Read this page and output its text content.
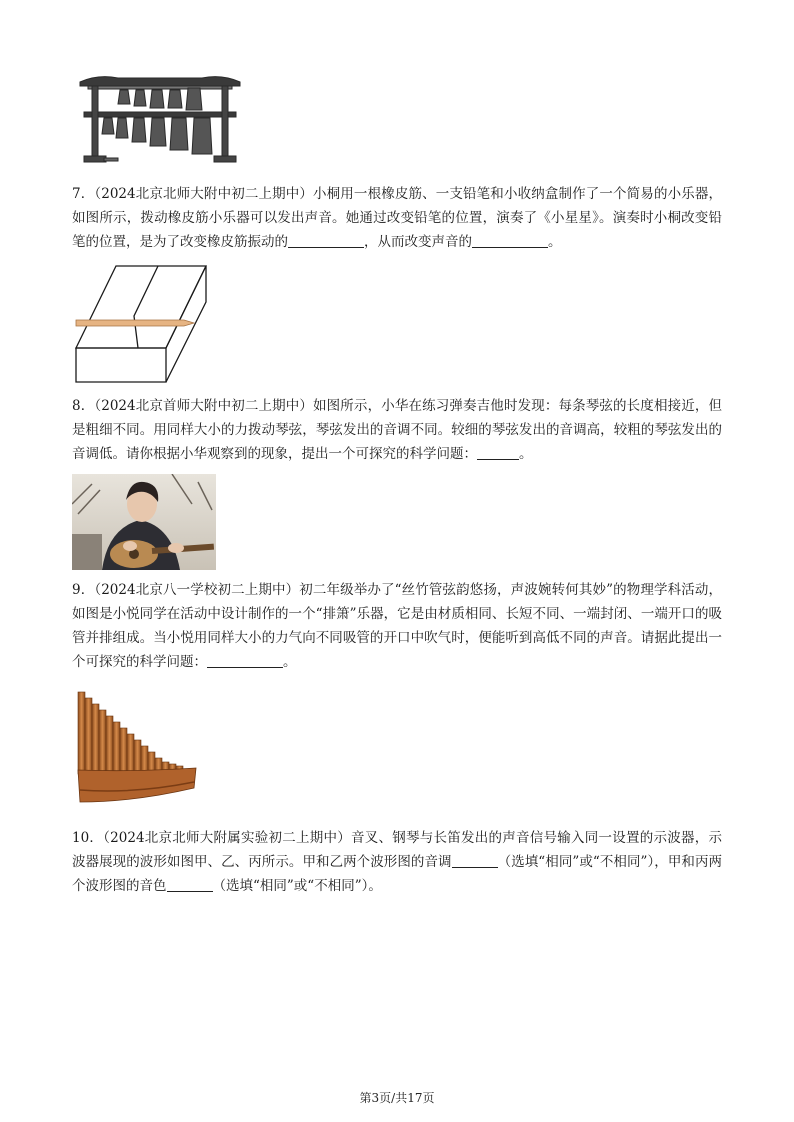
7．（2024北京北师大附中初二上期中）小桐用一根橡皮筋、一支铅笔和小收纳盒制作了一个简易的小乐器，如图所示，拨动橡皮筋小乐器可以发出声音。她通过改变铅笔的位置，演奏了《小星星》。演奏时小桐改变铅笔的位置，是为了改变橡皮筋振动的	，从而改变声音的	。

8．（2024北京首师大附中初二上期中）如图所示，小华在练习弹奏吉他时发现：每条琴弦的长度相接近，但是粗细不同。用同样大小的力拨动琴弦，琴弦发出的音调不同。较细的琴弦发出的音调高，较粗的琴弦发出的音调低。请你根据小华观察到的现象，提出一个可探究的科学问题：	。

9．（2024北京八一学校初二上期中）初二年级举办了“丝竹管弦韵悠扬，声波婉转何其妙”的物理学科活动，如图是小悦同学在活动中设计制作的一个“排箫”乐器，它是由材质相同、长短不同、一端封闭、一端开口的吸管并排组成。当小悦用同样大小的力气向不同吸管的开口中吹气时，便能听到高低不同的声音。请据此提出一个可探究的科学问题：	。

10．（2024北京北师大附属实验初二上期中）音叉、钢琴与长笛发出的声音信号输入同一设置的示波器，示波器展现的波形如图甲、乙、丙所示。甲和乙两个波形图的音调	（选填“相同”或“不相同”），甲和丙两个波形图的音色	（选填“相同”或“不相同”）。

第3页/共17页
